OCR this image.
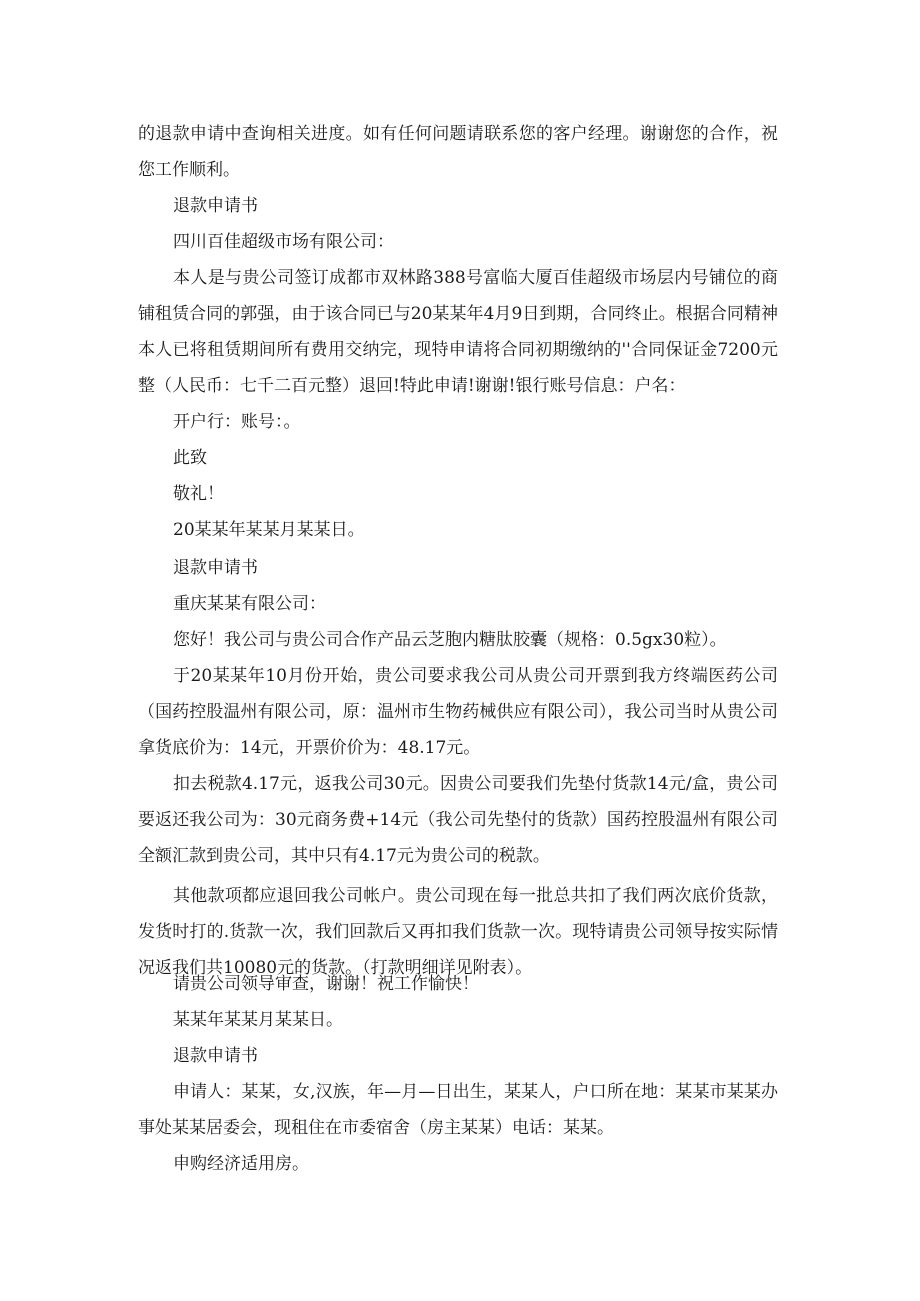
的退款申请中查询相关进度。如有任何问题请联系您的客户经理。谢谢您的合作，祝您工作顺利。

退款申请书

四川百佳超级市场有限公司：

本人是与贵公司签订成都市双林路388号富临大厦百佳超级市场层内号铺位的商铺租赁合同的郭强，由于该合同已与20某某年4月9日到期，合同终止。根据合同精神本人已将租赁期间所有费用交纳完，现特申请将合同初期缴纳的''合同保证金7200元整（人民币：七千二百元整）退回!特此申请!谢谢!银行账号信息：户名：

开户行：账号：。

此致

敬礼！

20某某年某某月某某日。

退款申请书

重庆某某有限公司：

您好！我公司与贵公司合作产品云芝胞内糖肽胶囊（规格：0.5gx30粒）。

于20某某年10月份开始，贵公司要求我公司从贵公司开票到我方终端医药公司（国药控股温州有限公司，原：温州市生物药械供应有限公司），我公司当时从贵公司拿货底价为：14元，开票价价为：48.17元。

扣去税款4.17元，返我公司30元。因贵公司要我们先垫付货款14元/盒，贵公司要返还我公司为：30元商务费+14元（我公司先垫付的货款）国药控股温州有限公司全额汇款到贵公司，其中只有4.17元为贵公司的税款。

其他款项都应退回我公司帐户。贵公司现在每一批总共扣了我们两次底价货款，发货时打的.货款一次，我们回款后又再扣我们货款一次。现特请贵公司领导按实际情况返我们共10080元的货款。（打款明细详见附表）。

请贵公司领导审查，谢谢！祝工作愉快！

某某年某某月某某日。

退款申请书

申请人：某某，女,汉族，年—月—日出生，某某人，户口所在地：某某市某某办事处某某居委会，现租住在市委宿舍（房主某某）电话：某某。

申购经济适用房。
